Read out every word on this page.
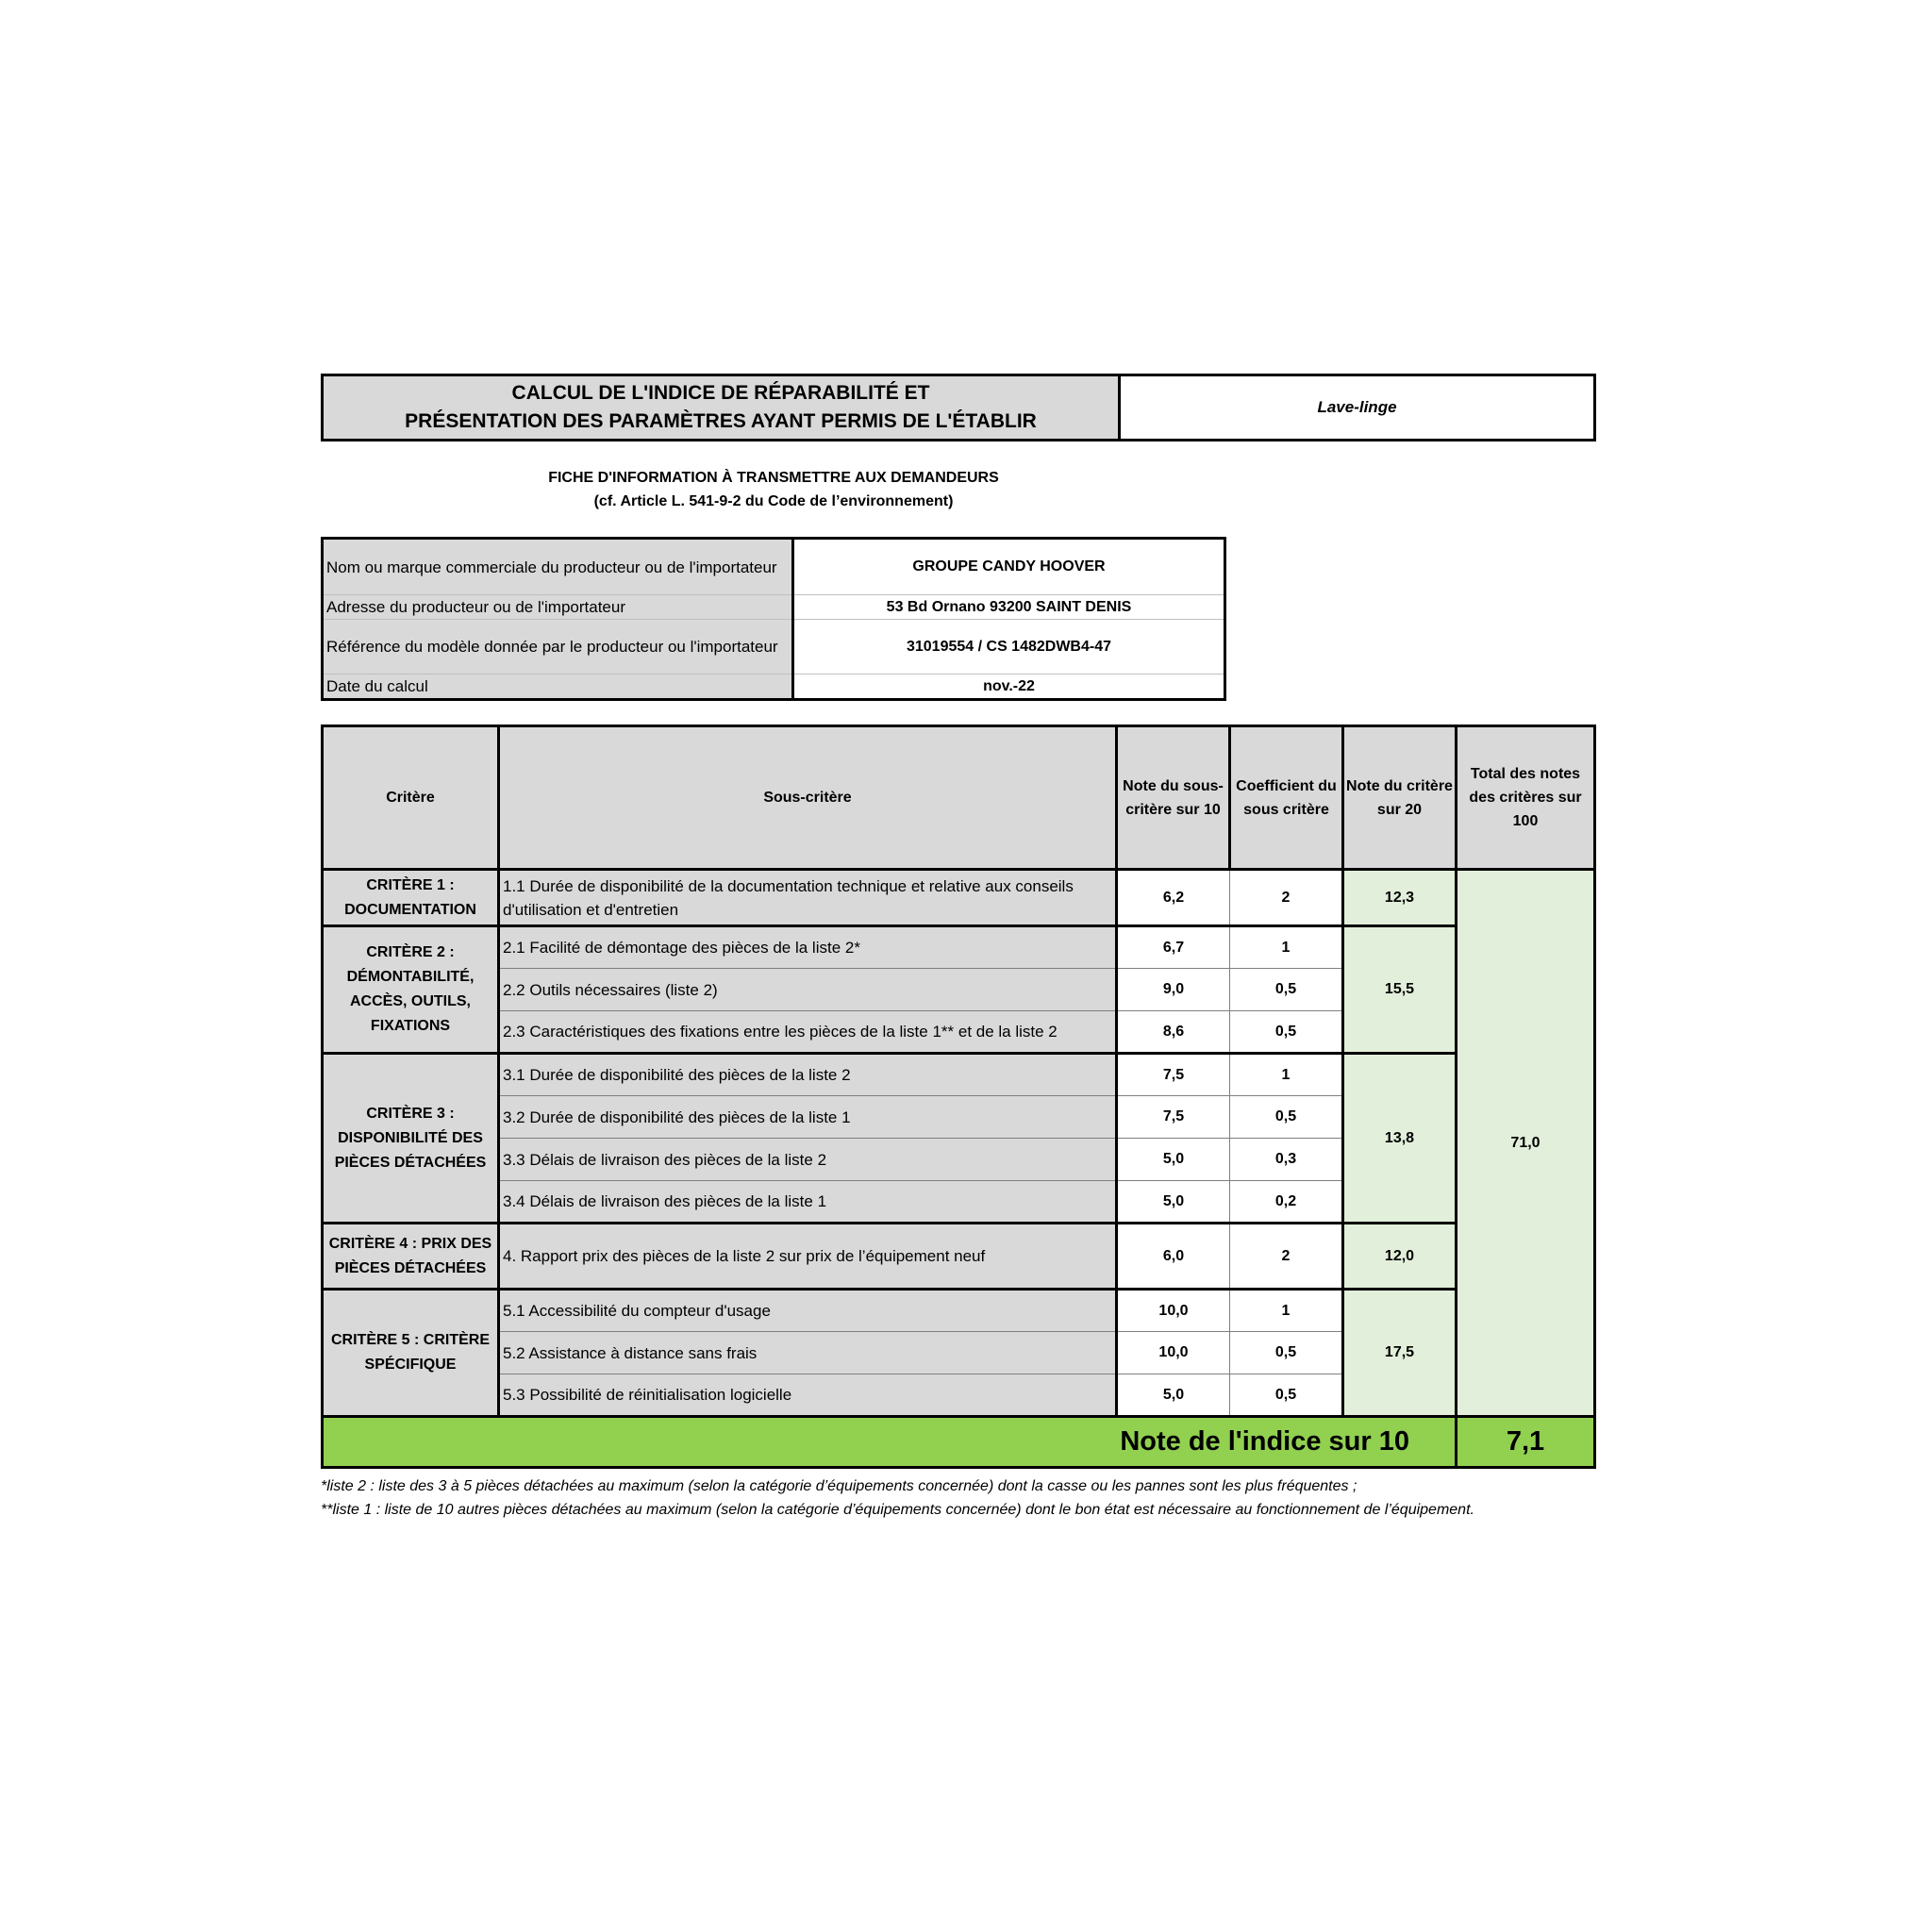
CALCUL DE L'INDICE DE RÉPARABILITÉ ET
PRÉSENTATION DES PARAMÈTRES AYANT PERMIS DE L'ÉTABLIR
	Lave-linge
FICHE D'INFORMATION À TRANSMETTRE AUX DEMANDEURS
(cf. Article L. 541-9-2 du Code de l’environnement)
Nom ou marque commerciale du producteur ou de l'importateur	GROUPE CANDY HOOVER
Adresse du producteur ou de l'importateur	53 Bd Ornano 93200 SAINT DENIS
Référence du modèle donnée par le producteur ou l'importateur	31019554 / CS 1482DWB4-47
Date du calcul	nov.-22
Critère	Sous-critère	Note du sous-critère sur 10	Coefficient du sous critère	Note du critère sur 20	Total des notes des critères sur 100
CRITÈRE 1 : DOCUMENTATION	1.1 Durée de disponibilité de la documentation technique et relative aux conseils d'utilisation et d'entretien	6,2	2	12,3	71,0
CRITÈRE 2 : DÉMONTABILITÉ, ACCÈS, OUTILS, FIXATIONS	2.1 Facilité de démontage des pièces de la liste 2*	6,7	1	15,5	
	2.2 Outils nécessaires (liste 2)	9,0	0,5		
	2.3 Caractéristiques des fixations entre les pièces de la liste 1** et de la liste 2	8,6	0,5		
CRITÈRE 3 : DISPONIBILITÉ DES PIÈCES DÉTACHÉES	3.1 Durée de disponibilité des pièces de la liste 2	7,5	1	13,8	
	3.2 Durée de disponibilité des pièces de la liste 1	7,5	0,5		
	3.3 Délais de livraison des pièces de la liste 2	5,0	0,3		
	3.4 Délais de livraison des pièces de la liste 1	5,0	0,2		
CRITÈRE 4 : PRIX DES PIÈCES DÉTACHÉES	4. Rapport prix des pièces de la liste 2 sur prix de l’équipement neuf	6,0	2	12,0	
CRITÈRE 5 : CRITÈRE SPÉCIFIQUE	5.1 Accessibilité du compteur d'usage	10,0	1	17,5	
	5.2 Assistance à distance sans frais	10,0	0,5		
	5.3 Possibilité de réinitialisation logicielle	5,0	0,5		
Note de l'indice sur 10					7,1
*liste 2 : liste des 3 à 5 pièces détachées au maximum (selon la catégorie d’équipements concernée) dont la casse ou les pannes sont les plus fréquentes ;
**liste 1 : liste de 10 autres pièces détachées au maximum (selon la catégorie d’équipements concernée) dont le bon état est nécessaire au fonctionnement de l’équipement.
